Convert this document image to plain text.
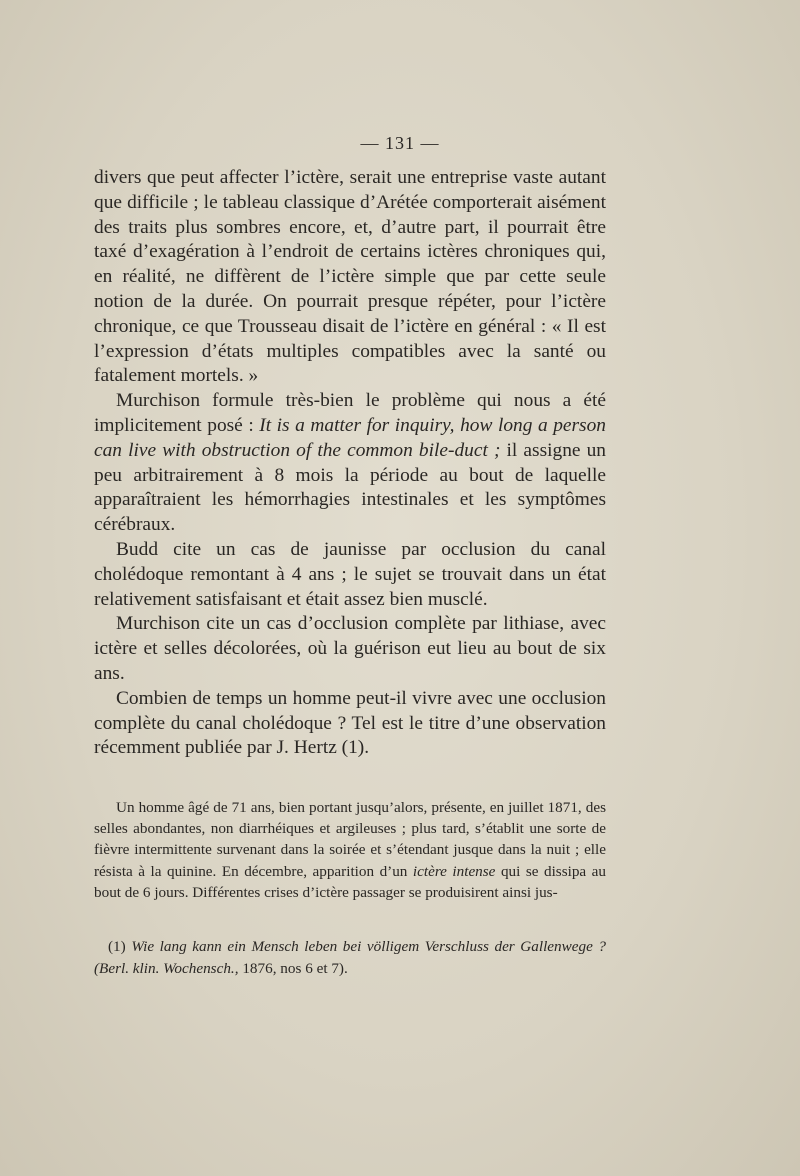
— 131 —

divers que peut affecter l’ictère, serait une entreprise vaste autant que difficile ; le tableau classique d’Arétée comporterait aisément des traits plus sombres encore, et, d’autre part, il pourrait être taxé d’exagération à l’endroit de certains ictères chroniques qui, en réalité, ne diffèrent de l’ictère simple que par cette seule notion de la durée. On pourrait presque répéter, pour l’ictère chronique, ce que Trousseau disait de l’ictère en général : « Il est l’expression d’états multiples compatibles avec la santé ou fatalement mortels. »

Murchison formule très-bien le problème qui nous a été implicitement posé : It is a matter for inquiry, how long a person can live with obstruction of the common bile-duct ; il assigne un peu arbitrairement à 8 mois la période au bout de laquelle apparaîtraient les hémorrhagies intestinales et les symptômes cérébraux.

Budd cite un cas de jaunisse par occlusion du canal cholédoque remontant à 4 ans ; le sujet se trouvait dans un état relativement satisfaisant et était assez bien musclé.

Murchison cite un cas d’occlusion complète par lithiase, avec ictère et selles décolorées, où la guérison eut lieu au bout de six ans.

Combien de temps un homme peut-il vivre avec une occlusion complète du canal cholédoque ? Tel est le titre d’une observation récemment publiée par J. Hertz (1).

Un homme âgé de 71 ans, bien portant jusqu’alors, présente, en juillet 1871, des selles abondantes, non diarrhéiques et argileuses ; plus tard, s’établit une sorte de fièvre intermittente survenant dans la soirée et s’étendant jusque dans la nuit ; elle résista à la quinine. En décembre, apparition d’un ictère intense qui se dissipa au bout de 6 jours. Différentes crises d’ictère passager se produisirent ainsi jus-

(1) Wie lang kann ein Mensch leben bei völligem Verschluss der Gallenwege ? (Berl. klin. Wochensch., 1876, nos 6 et 7).
